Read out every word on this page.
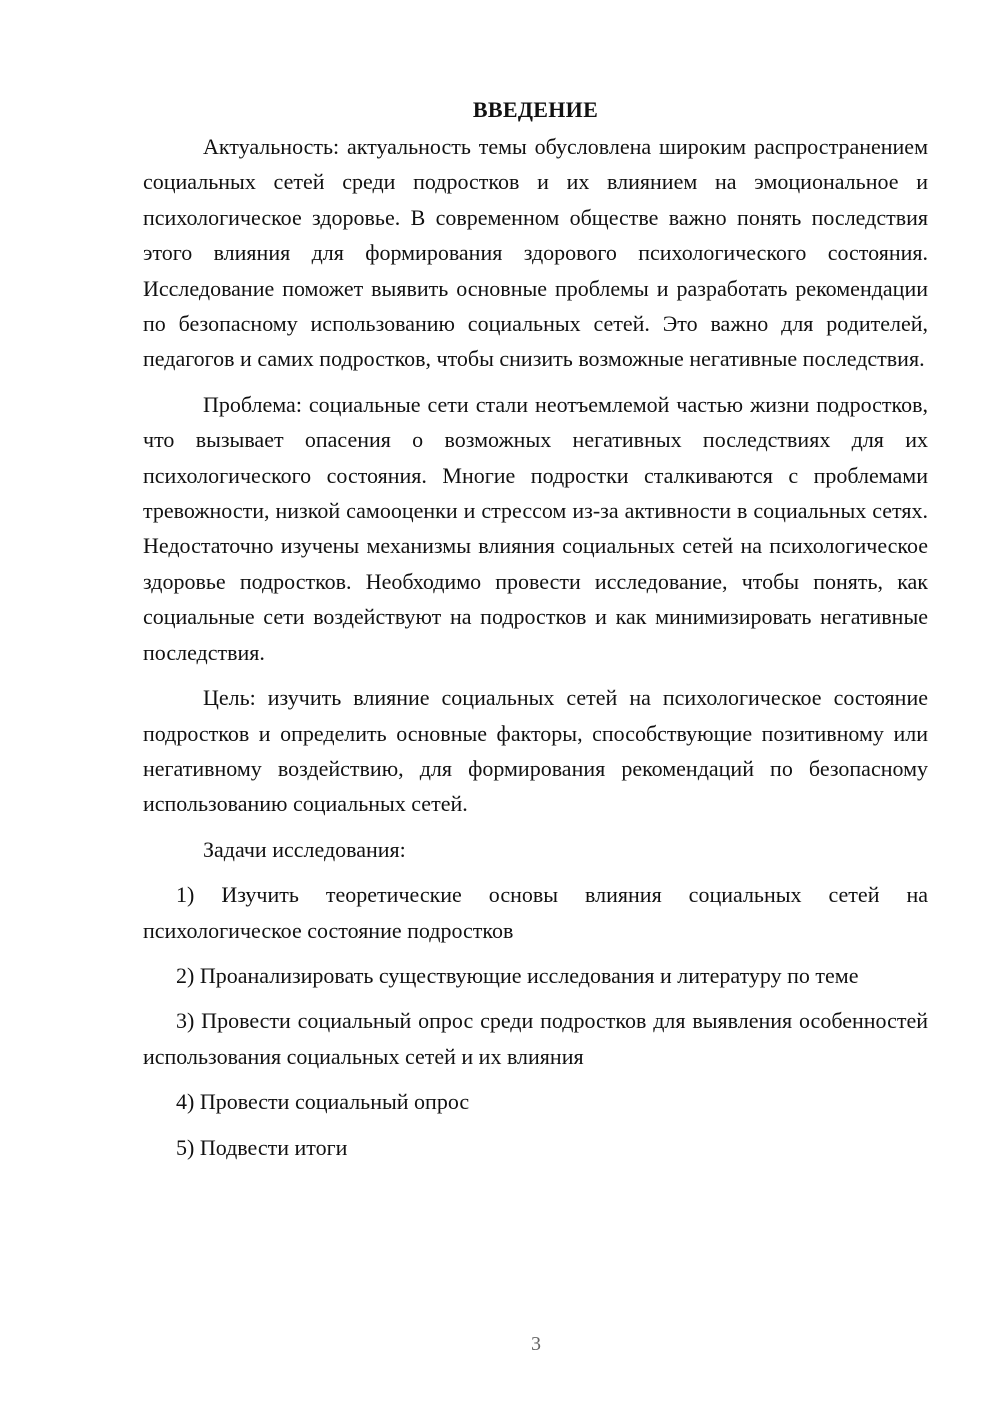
ВВЕДЕНИЕ

Актуальность: актуальность темы обусловлена широким распространением социальных сетей среди подростков и их влиянием на эмоциональное и психологическое здоровье. В современном обществе важно понять последствия этого влияния для формирования здорового психологического состояния. Исследование поможет выявить основные проблемы и разработать рекомендации по безопасному использованию социальных сетей. Это важно для родителей, педагогов и самих подростков, чтобы снизить возможные негативные последствия.

Проблема: социальные сети стали неотъемлемой частью жизни подростков, что вызывает опасения о возможных негативных последствиях для их психологического состояния. Многие подростки сталкиваются с проблемами тревожности, низкой самооценки и стрессом из-за активности в социальных сетях. Недостаточно изучены механизмы влияния социальных сетей на психологическое здоровье подростков. Необходимо провести исследование, чтобы понять, как социальные сети воздействуют на подростков и как минимизировать негативные последствия.

Цель: изучить влияние социальных сетей на психологическое состояние подростков и определить основные факторы, способствующие позитивному или негативному воздействию, для формирования рекомендаций по безопасному использованию социальных сетей.

Задачи исследования:

1) Изучить теоретические основы влияния социальных сетей на психологическое состояние подростков

2) Проанализировать существующие исследования и литературу по теме

3) Провести социальный опрос среди подростков для выявления особенностей использования социальных сетей и их влияния

4) Провести социальный опрос

5) Подвести итоги

3
